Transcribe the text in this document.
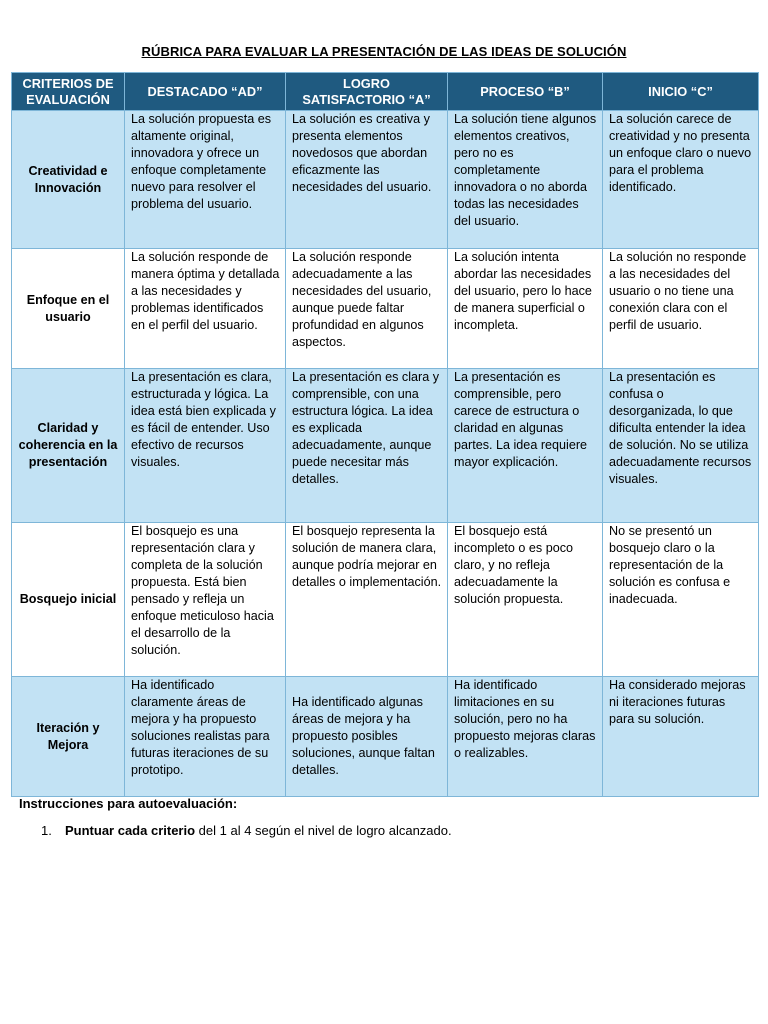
RÚBRICA PARA EVALUAR LA PRESENTACIÓN DE LAS IDEAS DE SOLUCIÓN
CRITERIOS DE EVALUACIÓN	DESTACADO “AD”	LOGRO SATISFACTORIO “A”	PROCESO “B”	INICIO “C”
Creatividad e Innovación	La solución propuesta es altamente original, innovadora y ofrece un enfoque completamente nuevo para resolver el problema del usuario.	La solución es creativa y presenta elementos novedosos que abordan eficazmente las necesidades del usuario.	La solución tiene algunos elementos creativos, pero no es completamente innovadora o no aborda todas las necesidades del usuario.	La solución carece de creatividad y no presenta un enfoque claro o nuevo para el problema identificado.
Enfoque en el usuario	La solución responde de manera óptima y detallada a las necesidades y problemas identificados en el perfil del usuario.	La solución responde adecuadamente a las necesidades del usuario, aunque puede faltar profundidad en algunos aspectos.	La solución intenta abordar las necesidades del usuario, pero lo hace de manera superficial o incompleta.	La solución no responde a las necesidades del usuario o no tiene una conexión clara con el perfil de usuario.
Claridad y coherencia en la presentación	La presentación es clara, estructurada y lógica. La idea está bien explicada y es fácil de entender. Uso efectivo de recursos visuales.	La presentación es clara y comprensible, con una estructura lógica. La idea es explicada adecuadamente, aunque puede necesitar más detalles.	La presentación es comprensible, pero carece de estructura o claridad en algunas partes. La idea requiere mayor explicación.	La presentación es confusa o desorganizada, lo que dificulta entender la idea de solución. No se utiliza adecuadamente recursos visuales.
Bosquejo inicial	El bosquejo es una representación clara y completa de la solución propuesta. Está bien pensado y refleja un enfoque meticuloso hacia el desarrollo de la solución.	El bosquejo representa la solución de manera clara, aunque podría mejorar en detalles o implementación.	El bosquejo está incompleto o es poco claro, y no refleja adecuadamente la solución propuesta.	No se presentó un bosquejo claro o la representación de la solución es confusa e inadecuada.
Iteración y Mejora	Ha identificado claramente áreas de mejora y ha propuesto soluciones realistas para futuras iteraciones de su prototipo.	Ha identificado algunas áreas de mejora y ha propuesto posibles soluciones, aunque faltan detalles.	Ha identificado limitaciones en su solución, pero no ha propuesto mejoras claras o realizables.	Ha considerado mejoras ni iteraciones futuras para su solución.
Instrucciones para autoevaluación:
1. Puntuar cada criterio del 1 al 4 según el nivel de logro alcanzado.
